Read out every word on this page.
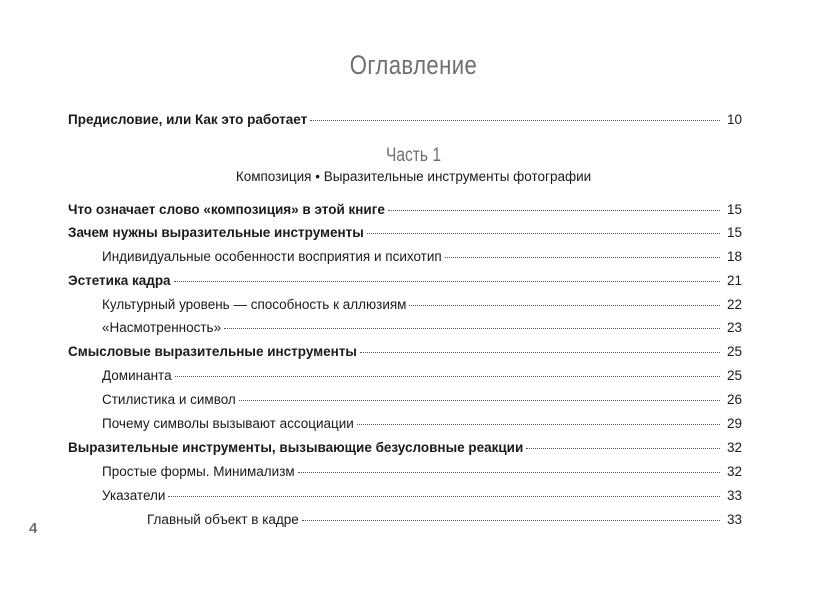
Оглавление
Предисловие, или Как это работает	10
Часть 1
Композиция • Выразительные инструменты фотографии
Что означает слово «композиция» в этой книге	15
Зачем нужны выразительные инструменты	15
Индивидуальные особенности восприятия и психотип	18
Эстетика кадра	21
Культурный уровень — способность к аллюзиям	22
«Насмотренность»	23
Смысловые выразительные инструменты	25
Доминанта	25
Стилистика и символ	26
Почему символы вызывают ассоциации	29
Выразительные инструменты, вызывающие безусловные реакции	32
Простые формы. Минимализм	32
Указатели	33
Главный объект в кадре	33
4
